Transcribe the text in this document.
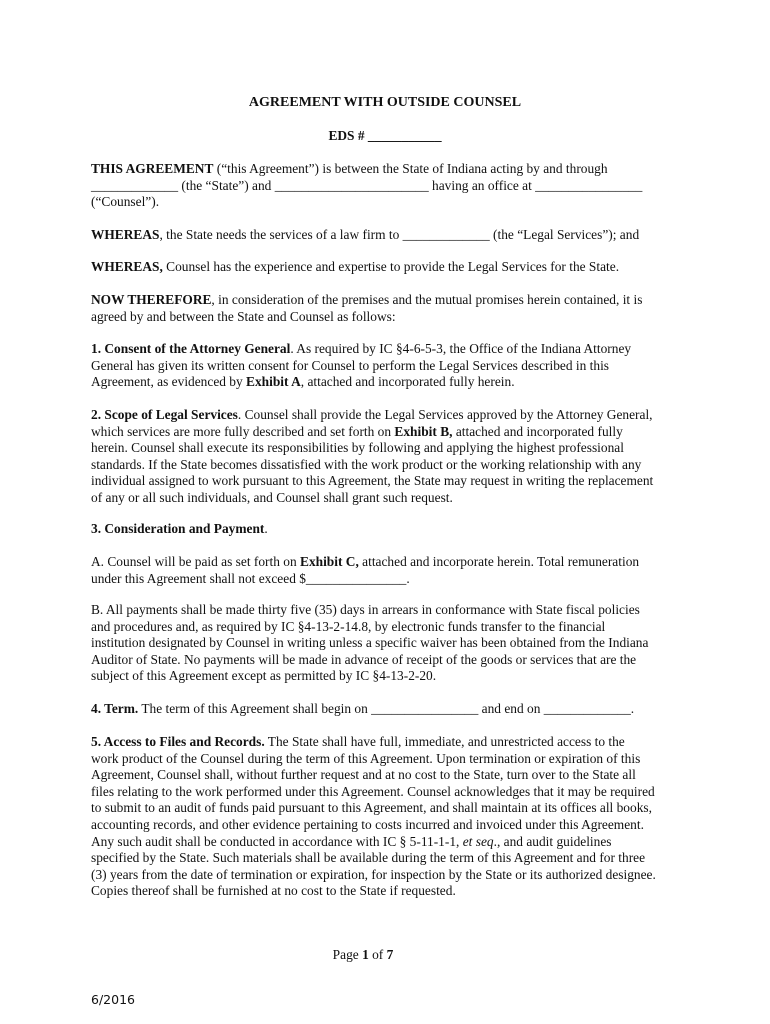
AGREEMENT WITH OUTSIDE COUNSEL
EDS # ___________
THIS AGREEMENT (“this Agreement”) is between the State of Indiana acting by and through
_____________ (the “State”) and _______________________ having an office at ________________
(“Counsel”).
WHEREAS, the State needs the services of a law firm to _____________ (the “Legal Services”); and
WHEREAS, Counsel has the experience and expertise to provide the Legal Services for the State.
NOW THEREFORE, in consideration of the premises and the mutual promises herein contained, it is
agreed by and between the State and Counsel as follows:
1. Consent of the Attorney General. As required by IC §4-6-5-3, the Office of the Indiana Attorney
General has given its written consent for Counsel to perform the Legal Services described in this
Agreement, as evidenced by Exhibit A, attached and incorporated fully herein.
2. Scope of Legal Services. Counsel shall provide the Legal Services approved by the Attorney General,
which services are more fully described and set forth on Exhibit B, attached and incorporated fully
herein. Counsel shall execute its responsibilities by following and applying the highest professional
standards. If the State becomes dissatisfied with the work product or the working relationship with any
individual assigned to work pursuant to this Agreement, the State may request in writing the replacement
of any or all such individuals, and Counsel shall grant such request.
3. Consideration and Payment.
A. Counsel will be paid as set forth on Exhibit C, attached and incorporate herein. Total remuneration
under this Agreement shall not exceed $_______________.
B. All payments shall be made thirty five (35) days in arrears in conformance with State fiscal policies
and procedures and, as required by IC §4-13-2-14.8, by electronic funds transfer to the financial
institution designated by Counsel in writing unless a specific waiver has been obtained from the Indiana
Auditor of State. No payments will be made in advance of receipt of the goods or services that are the
subject of this Agreement except as permitted by IC §4-13-2-20.
4. Term. The term of this Agreement shall begin on ________________ and end on _____________.
5. Access to Files and Records. The State shall have full, immediate, and unrestricted access to the
work product of the Counsel during the term of this Agreement. Upon termination or expiration of this
Agreement, Counsel shall, without further request and at no cost to the State, turn over to the State all
files relating to the work performed under this Agreement. Counsel acknowledges that it may be required
to submit to an audit of funds paid pursuant to this Agreement, and shall maintain at its offices all books,
accounting records, and other evidence pertaining to costs incurred and invoiced under this Agreement.
Any such audit shall be conducted in accordance with IC § 5-11-1-1, et seq., and audit guidelines
specified by the State. Such materials shall be available during the term of this Agreement and for three
(3) years from the date of termination or expiration, for inspection by the State or its authorized designee.
Copies thereof shall be furnished at no cost to the State if requested.
Page 1 of 7
6/2016
